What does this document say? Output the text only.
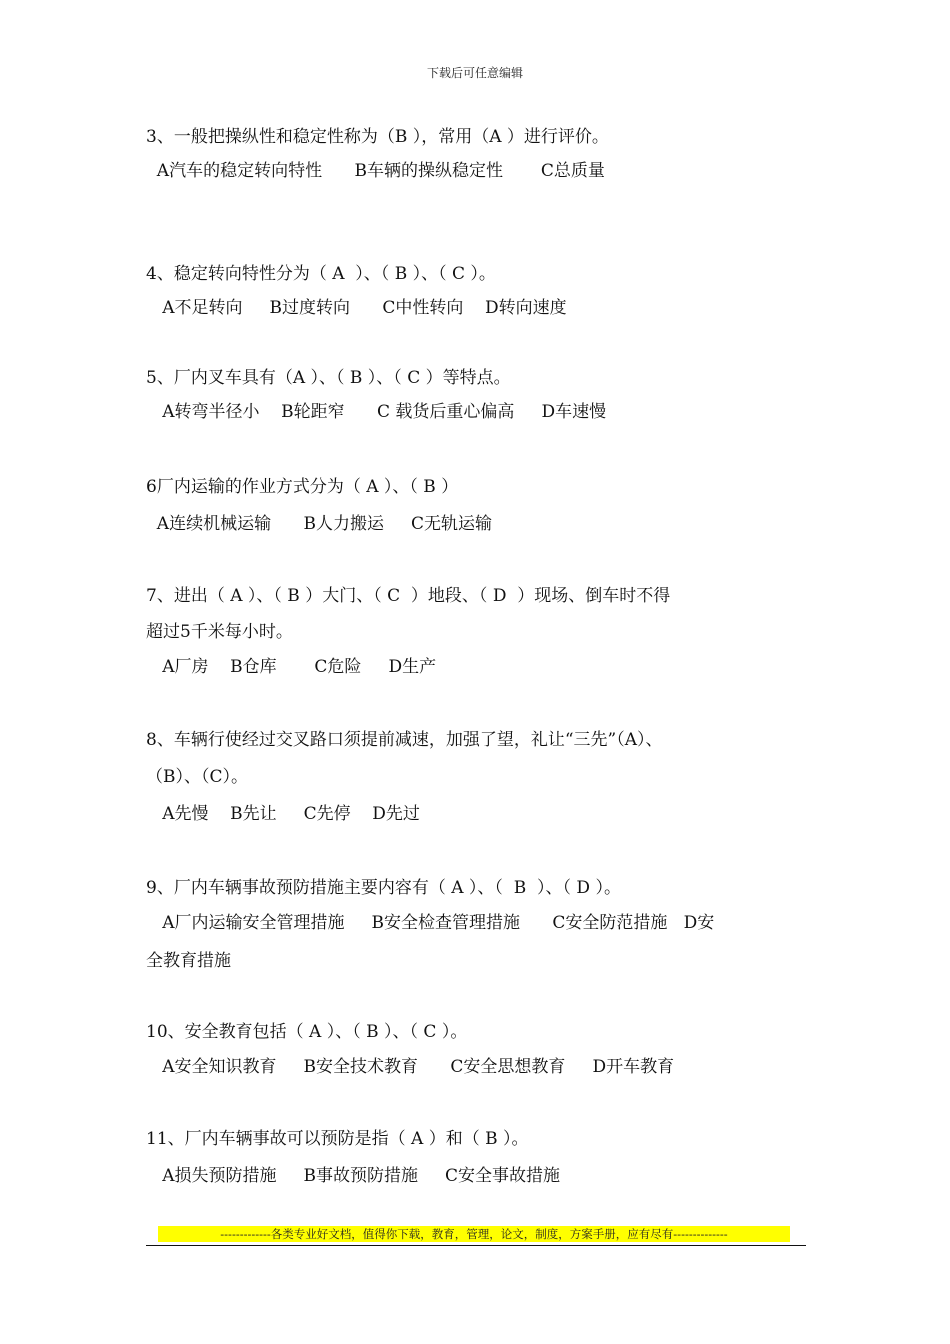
下载后可任意编辑
3、一般把操纵性和稳定性称为（B ），常用（A ）进行评价。
A汽车的稳定转向特性      B车辆的操纵稳定性       C总质量
4、稳定转向特性分为（ A  ）、（ B ）、（ C ）。
A不足转向     B过度转向      C中性转向    D转向速度
5、厂内叉车具有（A ）、（ B ）、（ C ）等特点。
A转弯半径小    B轮距窄      C 载货后重心偏高     D车速慢
6厂内运输的作业方式分为（ A ）、（ B ）
A连续机械运输      B人力搬运     C无轨运输
7、进出（ A ）、（ B ）大门、（ C  ）地段、（ D  ）现场、倒车时不得
超过5千米每小时。
A厂房    B仓库       C危险     D生产
8、车辆行使经过交叉路口须提前减速，加强了望，礼让“三先”（A）、
（B）、（C）。
A先慢    B先让     C先停    D先过
9、厂内车辆事故预防措施主要内容有（ A ）、（  B  ）、（ D ）。
A厂内运输安全管理措施     B安全检查管理措施      C安全防范措施   D安
全教育措施
10、安全教育包括（ A ）、（ B ）、（ C ）。
A安全知识教育     B安全技术教育      C安全思想教育     D开车教育
11、厂内车辆事故可以预防是指（ A ）和（ B ）。
A损失预防措施     B事故预防措施     C安全事故措施
-------------各类专业好文档，值得你下载，教育，管理，论文，制度，方案手册，应有尽有--------------
